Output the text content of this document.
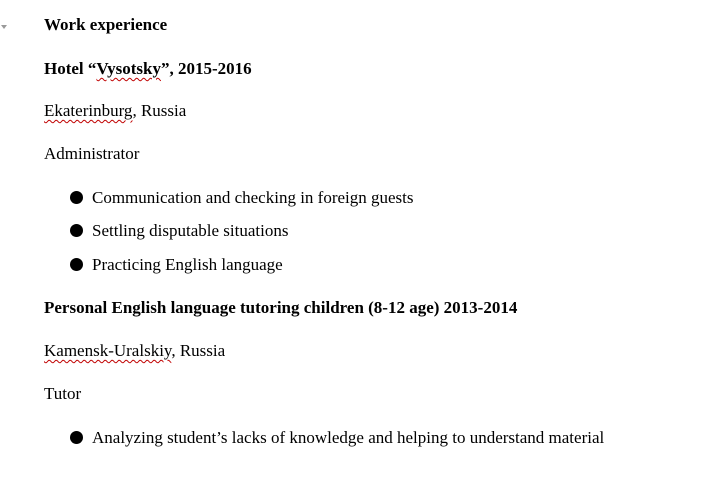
Work experience
Hotel “Vysotsky”, 2015-2016
Ekaterinburg, Russia
Administrator
Communication and checking in foreign guests
Settling disputable situations
Practicing English language
Personal English language tutoring children (8-12 age) 2013-2014
Kamensk-Uralskiy, Russia
Tutor
Analyzing student’s lacks of knowledge and helping to understand material
